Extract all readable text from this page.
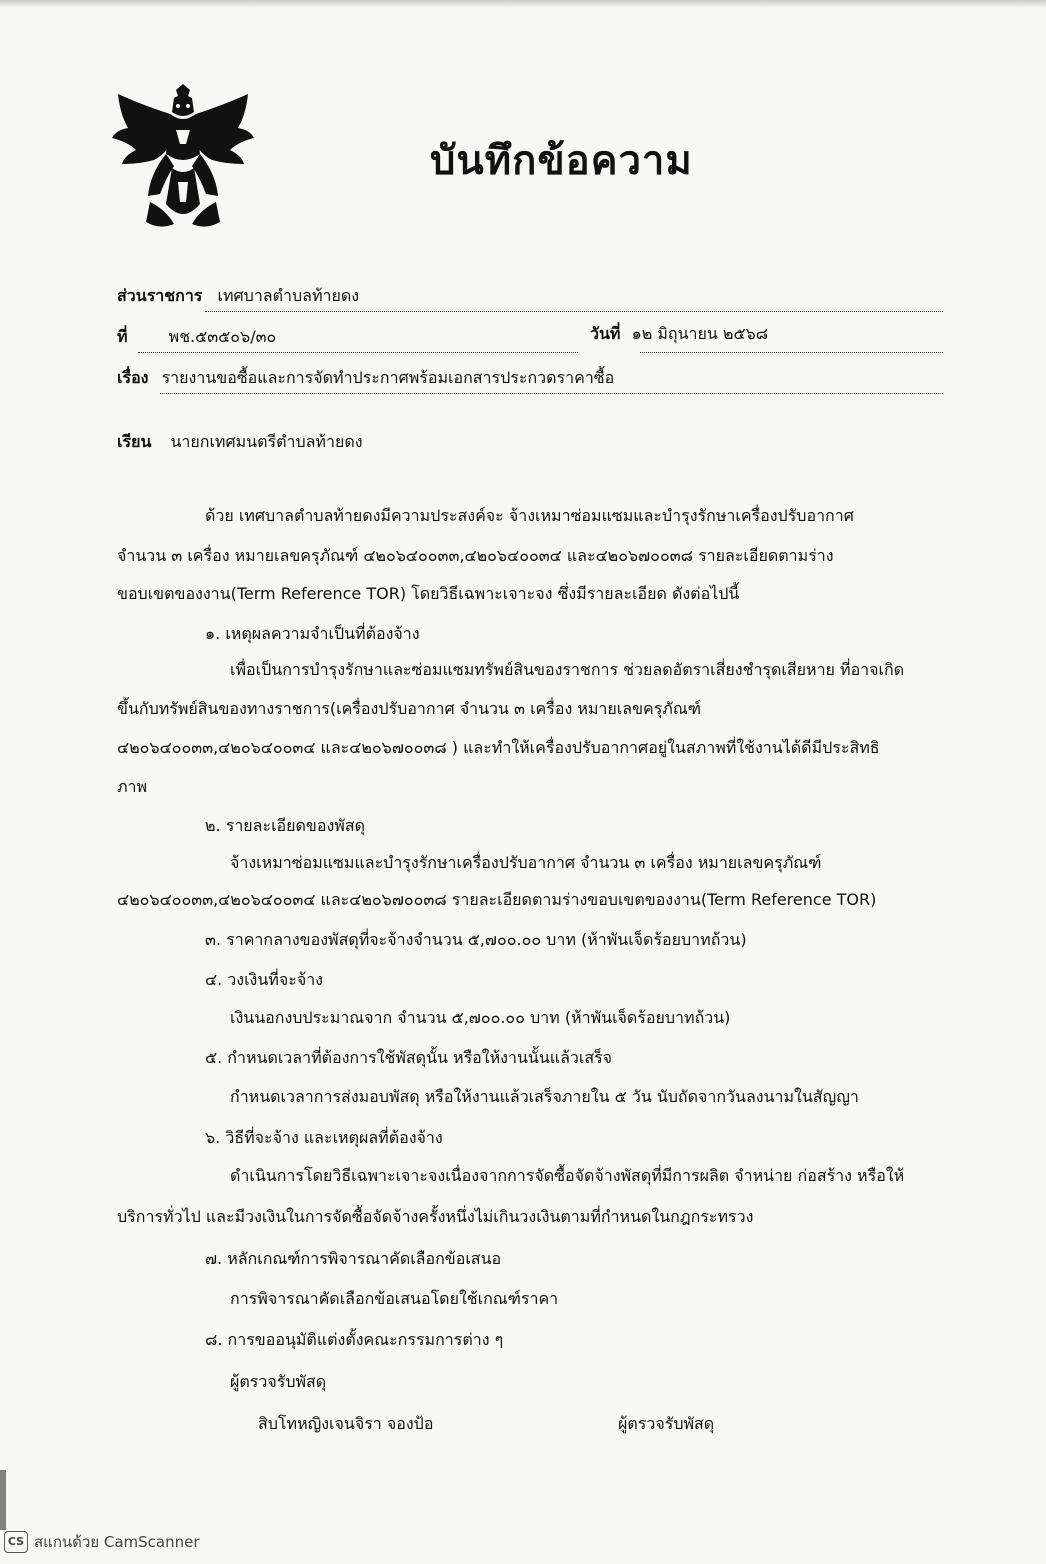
บันทึกข้อความ
ส่วนราชการ เทศบาลตำบลท้ายดง
ที่	พช.๕๓๕๐๖/๓๐	วันที่ ๑๒ มิถุนายน ๒๕๖๘
เรื่อง รายงานขอซื้อและการจัดทำประกาศพร้อมเอกสารประกวดราคาซื้อ
เรียน นายกเทศมนตรีตำบลท้ายดง
ด้วย เทศบาลตำบลท้ายดงมีความประสงค์จะ จ้างเหมาซ่อมแซมและบำรุงรักษาเครื่องปรับอากาศ
จำนวน ๓ เครื่อง หมายเลขครุภัณฑ์ ๔๒๐๖๔๐๐๓๓,๔๒๐๖๔๐๐๓๔ และ๔๒๐๖๗๐๐๓๘ รายละเอียดตามร่าง
ขอบเขตของงาน(Term Reference TOR) โดยวิธีเฉพาะเจาะจง ซึ่งมีรายละเอียด ดังต่อไปนี้
๑. เหตุผลความจำเป็นที่ต้องจ้าง
เพื่อเป็นการบำรุงรักษาและซ่อมแซมทรัพย์สินของราชการ ช่วยลดอัตราเสี่ยงชำรุดเสียหาย ที่อาจเกิด
ขึ้นกับทรัพย์สินของทางราชการ(เครื่องปรับอากาศ จำนวน ๓ เครื่อง หมายเลขครุภัณฑ์
๔๒๐๖๔๐๐๓๓,๔๒๐๖๔๐๐๓๔ และ๔๒๐๖๗๐๐๓๘ ) และทำให้เครื่องปรับอากาศอยู่ในสภาพที่ใช้งานได้ดีมีประสิทธิ
ภาพ
๒. รายละเอียดของพัสดุ
จ้างเหมาซ่อมแซมและบำรุงรักษาเครื่องปรับอากาศ จำนวน ๓ เครื่อง หมายเลขครุภัณฑ์
๔๒๐๖๔๐๐๓๓,๔๒๐๖๔๐๐๓๔ และ๔๒๐๖๗๐๐๓๘ รายละเอียดตามร่างขอบเขตของงาน(Term Reference TOR)
๓. ราคากลางของพัสดุที่จะจ้างจำนวน ๕,๗๐๐.๐๐ บาท (ห้าพันเจ็ดร้อยบาทถ้วน)
๔. วงเงินที่จะจ้าง
เงินนอกงบประมาณจาก จำนวน ๕,๗๐๐.๐๐ บาท (ห้าพันเจ็ดร้อยบาทถ้วน)
๕. กำหนดเวลาที่ต้องการใช้พัสดุนั้น หรือให้งานนั้นแล้วเสร็จ
กำหนดเวลาการส่งมอบพัสดุ หรือให้งานแล้วเสร็จภายใน ๕ วัน นับถัดจากวันลงนามในสัญญา
๖. วิธีที่จะจ้าง และเหตุผลที่ต้องจ้าง
ดำเนินการโดยวิธีเฉพาะเจาะจงเนื่องจากการจัดซื้อจัดจ้างพัสดุที่มีการผลิต จำหน่าย ก่อสร้าง หรือให้
บริการทั่วไป และมีวงเงินในการจัดซื้อจัดจ้างครั้งหนึ่งไม่เกินวงเงินตามที่กำหนดในกฎกระทรวง
๗. หลักเกณฑ์การพิจารณาคัดเลือกข้อเสนอ
การพิจารณาคัดเลือกข้อเสนอโดยใช้เกณฑ์ราคา
๘. การขออนุมัติแต่งตั้งคณะกรรมการต่าง ๆ
ผู้ตรวจรับพัสดุ
สิบโทหญิงเจนจิรา จองป้อ	ผู้ตรวจรับพัสดุ
CS สแกนด้วย CamScanner
